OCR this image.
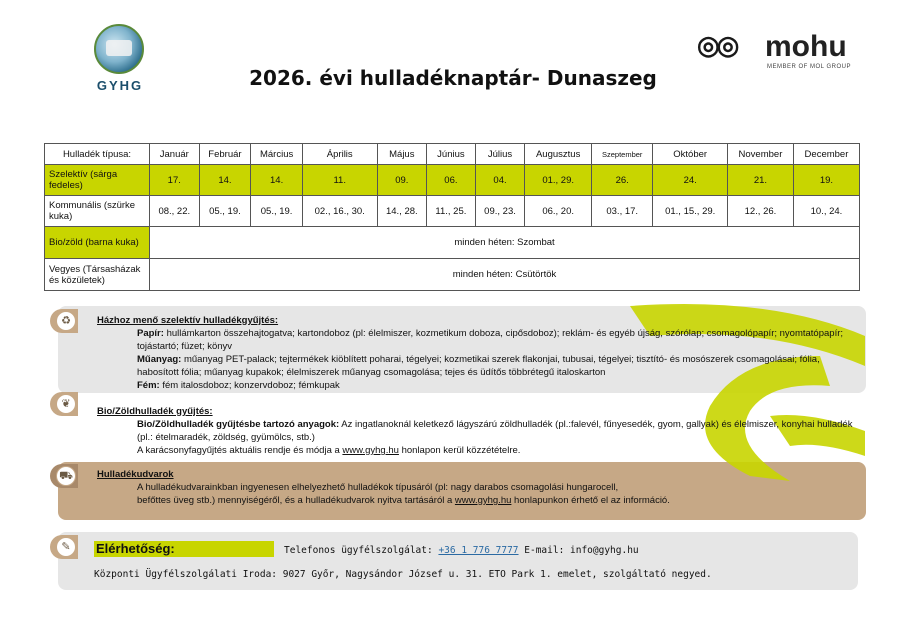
GYHG
◎◎ mohu
MEMBER OF MOL GROUP
2026. évi hulladéknaptár- Dunaszeg
Hulladék típusa:	Január	Február	Március	Április	Május	Június	Július	Augusztus	Szeptember	Október	November	December
Szelektív (sárga fedeles)	17.	14.	14.	11.	09.	06.	04.	01., 29.	26.	24.	21.	19.
Kommunális (szürke kuka)	08., 22.	05., 19.	05., 19.	02., 16., 30.	14., 28.	11., 25.	09., 23.	06., 20.	03., 17.	01., 15., 29.	12., 26.	10., 24.
Bio/zöld (barna kuka)	minden héten: Szombat											
Vegyes (Társasházak és közületek)	minden héten: Csütörtök											
♻
❦
⛟
✎
Házhoz menő szelektív hulladékgyűjtés:
Papír: hullámkarton összehajtogatva; kartondoboz (pl: élelmiszer, kozmetikum doboza, cipősdoboz); reklám- és egyéb újság, szórólap; csomagolópapír; nyomtatópapír; tojástartó; füzet; könyv
Műanyag: műanyag PET-palack; tejtermékek kiöblített poharai, tégelyei; kozmetikai szerek flakonjai, tubusai, tégelyei; tisztító- és mosószerek csomagolásai; fólia, habosított fólia; műanyag kupakok; élelmiszerek műanyag csomagolása; tejes és üdítős többrétegű italoskarton
Fém: fém italosdoboz; konzervdoboz; fémkupak
Bio/Zöldhulladék gyűjtés:
Bio/Zöldhulladék gyűjtésbe tartozó anyagok: Az ingatlanoknál keletkező lágyszárú zöldhulladék (pl.:falevél, fűnyesedék, gyom, gallyak) és élelmiszer, konyhai hulladék (pl.: ételmaradék, zöldség, gyümölcs, stb.)
A karácsonyfagyűjtés aktuális rendje és módja a www.gyhg.hu honlapon kerül közzétételre.
Hulladékudvarok
A hulladékudvarainkban ingyenesen elhelyezhető hulladékok típusáról (pl: nagy darabos csomagolási hungarocell,
befőttes üveg stb.) mennyiségéről, és a hulladékudvarok nyitva tartásáról a www.gyhg.hu honlapunkon érhető el az információ.
Elérhetőség:	Telefonos ügyfélszolgálat: +36 1 776 7777 E-mail: info@gyhg.hu
Központi Ügyfélszolgálati Iroda: 9027 Győr, Nagysándor József u. 31. ETO Park 1. emelet, szolgáltató negyed.
